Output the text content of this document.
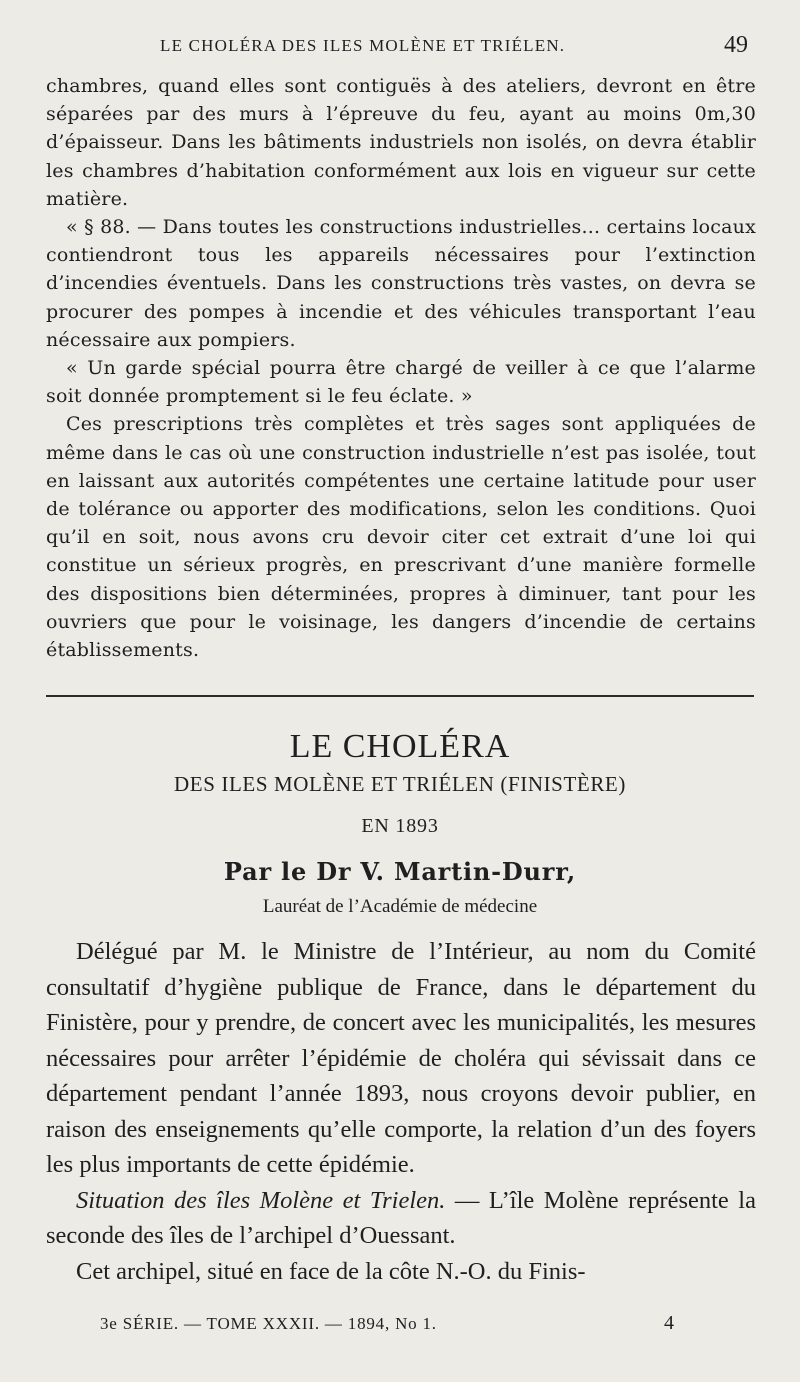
LE CHOLÉRA DES ILES MOLÈNE ET TRIÉLEN.	49

chambres, quand elles sont contiguës à des ateliers, devront en être séparées par des murs à l’épreuve du feu, ayant au moins 0m,30 d’épaisseur. Dans les bâtiments industriels non isolés, on devra établir les chambres d’habitation conformément aux lois en vigueur sur cette matière.

« § 88. — Dans toutes les constructions industrielles... certains locaux contiendront tous les appareils nécessaires pour l’extinction d’incendies éventuels. Dans les constructions très vastes, on devra se procurer des pompes à incendie et des véhicules transportant l’eau nécessaire aux pompiers.

« Un garde spécial pourra être chargé de veiller à ce que l’alarme soit donnée promptement si le feu éclate. »

Ces prescriptions très complètes et très sages sont appliquées de même dans le cas où une construction industrielle n’est pas isolée, tout en laissant aux autorités compétentes une certaine latitude pour user de tolérance ou apporter des modifications, selon les conditions. Quoi qu’il en soit, nous avons cru devoir citer cet extrait d’une loi qui constitue un sérieux progrès, en prescrivant d’une manière formelle des dispositions bien déterminées, propres à diminuer, tant pour les ouvriers que pour le voisinage, les dangers d’incendie de certains établissements.

LE CHOLÉRA
DES ILES MOLÈNE ET TRIÉLEN (FINISTÈRE)
EN 1893
Par le Dr V. Martin-Durr,
Lauréat de l’Académie de médecine

Délégué par M. le Ministre de l’Intérieur, au nom du Comité consultatif d’hygiène publique de France, dans le département du Finistère, pour y prendre, de concert avec les municipalités, les mesures nécessaires pour arrêter l’épidémie de choléra qui sévissait dans ce département pendant l’année 1893, nous croyons devoir publier, en raison des enseignements qu’elle comporte, la relation d’un des foyers les plus importants de cette épidémie.

Situation des îles Molène et Trielen. — L’île Molène représente la seconde des îles de l’archipel d’Ouessant.

Cet archipel, situé en face de la côte N.-O. du Finis-

3e SÉRIE. — TOME XXXII. — 1894, No 1.	4
